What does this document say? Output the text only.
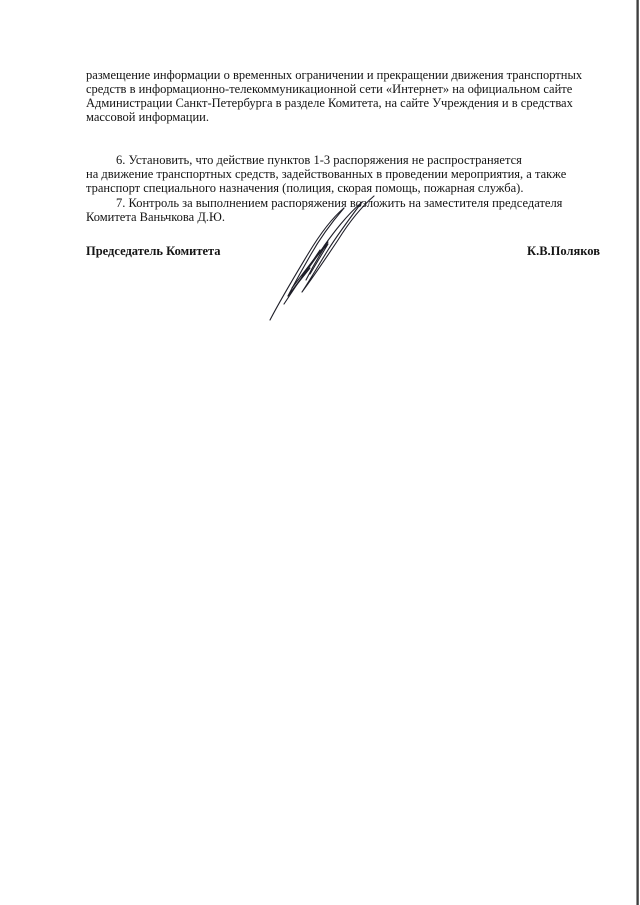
размещение информации о временных ограничении и прекращении движения транспортных
средств в информационно-телекоммуникационной сети «Интернет» на официальном сайте
Администрации Санкт-Петербурга в разделе Комитета, на сайте Учреждения и в средствах
массовой информации.
6. Установить, что действие пунктов 1-3 распоряжения не распространяется
на движение транспортных средств, задействованных в проведении мероприятия, а также
транспорт специального назначения (полиция, скорая помощь, пожарная служба).
7. Контроль за выполнением распоряжения возложить на заместителя председателя
Комитета Ваньчкова Д.Ю.
Председатель Комитета	К.В.Поляков
